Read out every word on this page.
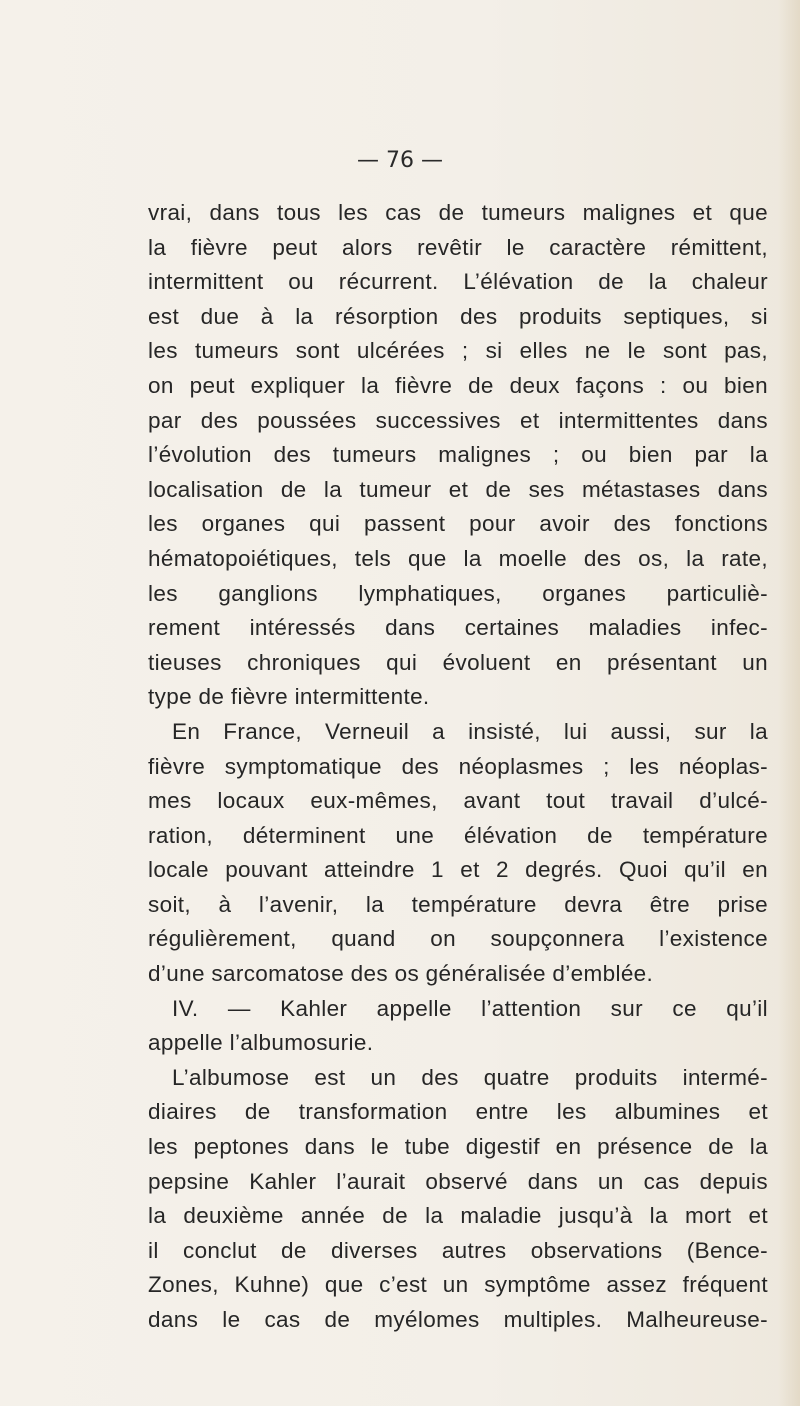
— 76 —
vrai, dans tous les cas de tumeurs malignes et que
la fièvre peut alors revêtir le caractère rémittent,
intermittent ou récurrent. L’élévation de la chaleur
est due à la résorption des produits septiques, si
les tumeurs sont ulcérées ; si elles ne le sont pas,
on peut expliquer la fièvre de deux façons : ou bien
par des poussées successives et intermittentes dans
l’évolution des tumeurs malignes ; ou bien par la
localisation de la tumeur et de ses métastases dans
les organes qui passent pour avoir des fonctions
hématopoiétiques, tels que la moelle des os, la rate,
les ganglions lymphatiques, organes particuliè-
rement intéressés dans certaines maladies infec-
tieuses chroniques qui évoluent en présentant un
type de fièvre intermittente.
En France, Verneuil a insisté, lui aussi, sur la
fièvre symptomatique des néoplasmes ; les néoplas-
mes locaux eux-mêmes, avant tout travail d’ulcé-
ration, déterminent une élévation de température
locale pouvant atteindre 1 et 2 degrés. Quoi qu’il en
soit, à l’avenir, la température devra être prise
régulièrement, quand on soupçonnera l’existence
d’une sarcomatose des os généralisée d’emblée.
IV. — Kahler appelle l’attention sur ce qu’il
appelle l’albumosurie.
L’albumose est un des quatre produits intermé-
diaires de transformation entre les albumines et
les peptones dans le tube digestif en présence de la
pepsine Kahler l’aurait observé dans un cas depuis
la deuxième année de la maladie jusqu’à la mort et
il conclut de diverses autres observations (Bence-
Zones, Kuhne) que c’est un symptôme assez fréquent
dans le cas de myélomes multiples. Malheureuse-
